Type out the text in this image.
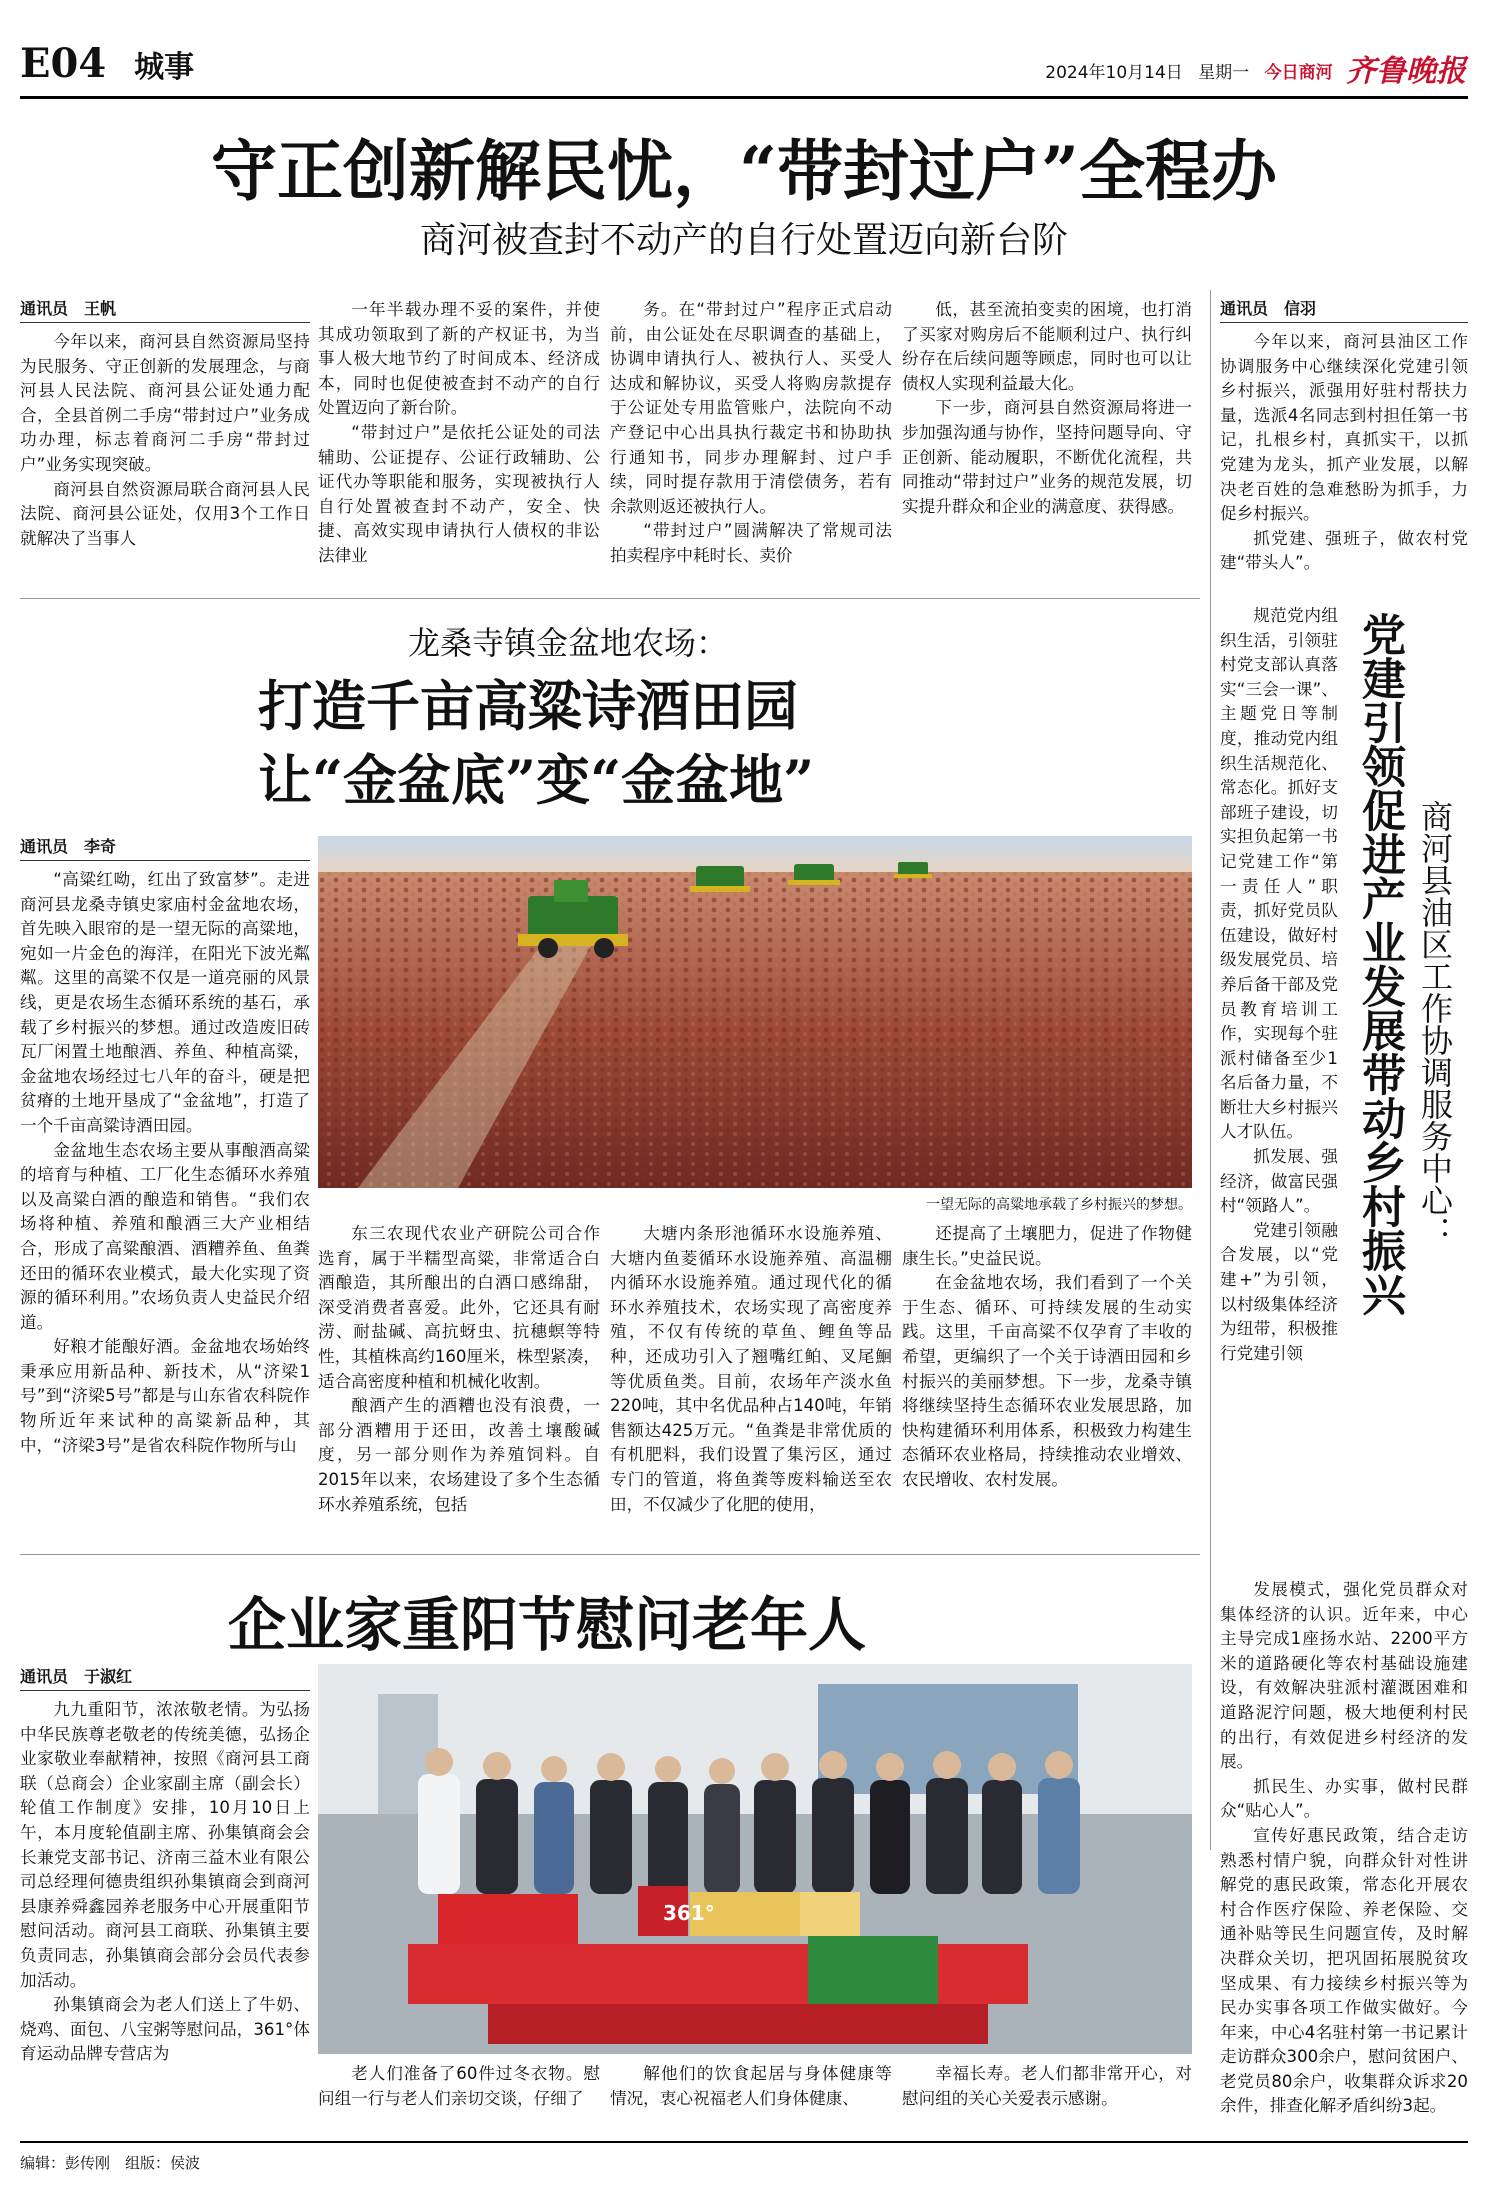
E04 城事	2024年10月14日 星期一 今日商河 齐鲁晚报
守正创新解民忧，“带封过户”全程办
商河被查封不动产的自行处置迈向新台阶
通讯员　王帆

今年以来，商河县自然资源局坚持为民服务、守正创新的发展理念，与商河县人民法院、商河县公证处通力配合，全县首例二手房“带封过户”业务成功办理，标志着商河二手房“带封过户”业务实现突破。

商河县自然资源局联合商河县人民法院、商河县公证处，仅用3个工作日就解决了当事人

一年半载办理不妥的案件，并使其成功领取到了新的产权证书，为当事人极大地节约了时间成本、经济成本，同时也促使被查封不动产的自行处置迈向了新台阶。

“带封过户”是依托公证处的司法辅助、公证提存、公证行政辅助、公证代办等职能和服务，实现被执行人自行处置被查封不动产，安全、快捷、高效实现申请执行人债权的非讼法律业

务。在“带封过户”程序正式启动前，由公证处在尽职调查的基础上，协调申请执行人、被执行人、买受人达成和解协议，买受人将购房款提存于公证处专用监管账户，法院向不动产登记中心出具执行裁定书和协助执行通知书，同步办理解封、过户手续，同时提存款用于清偿债务，若有余款则返还被执行人。

“带封过户”圆满解决了常规司法拍卖程序中耗时长、卖价

低，甚至流拍变卖的困境，也打消了买家对购房后不能顺利过户、执行纠纷存在后续问题等顾虑，同时也可以让债权人实现利益最大化。

下一步，商河县自然资源局将进一步加强沟通与协作，坚持问题导向、守正创新、能动履职，不断优化流程，共同推动“带封过户”业务的规范发展，切实提升群众和企业的满意度、获得感。

龙桑寺镇金盆地农场：
打造千亩高粱诗酒田园
让“金盆底”变“金盆地”
通讯员　李奇

“高粱红呦，红出了致富梦”。走进商河县龙桑寺镇史家庙村金盆地农场，首先映入眼帘的是一望无际的高粱地，宛如一片金色的海洋，在阳光下波光粼粼。这里的高粱不仅是一道亮丽的风景线，更是农场生态循环系统的基石，承载了乡村振兴的梦想。通过改造废旧砖瓦厂闲置土地酿酒、养鱼、种植高粱，金盆地农场经过七八年的奋斗，硬是把贫瘠的土地开垦成了“金盆地”，打造了一个千亩高粱诗酒田园。

金盆地生态农场主要从事酿酒高粱的培育与种植、工厂化生态循环水养殖以及高粱白酒的酿造和销售。“我们农场将种植、养殖和酿酒三大产业相结合，形成了高粱酿酒、酒糟养鱼、鱼粪还田的循环农业模式，最大化实现了资源的循环利用。”农场负责人史益民介绍道。

好粮才能酿好酒。金盆地农场始终秉承应用新品种、新技术，从“济梁1号”到“济梁5号”都是与山东省农科院作物所近年来试种的高粱新品种，其中，“济梁3号”是省农科院作物所与山

一望无际的高粱地承载了乡村振兴的梦想。

东三农现代农业产研院公司合作选育，属于半糯型高粱，非常适合白酒酿造，其所酿出的白酒口感绵甜，深受消费者喜爱。此外，它还具有耐涝、耐盐碱、高抗蚜虫、抗穗螟等特性，其植株高约160厘米，株型紧凑，适合高密度种植和机械化收割。

酿酒产生的酒糟也没有浪费，一部分酒糟用于还田，改善土壤酸碱度，另一部分则作为养殖饲料。自2015年以来，农场建设了多个生态循环水养殖系统，包括

大塘内条形池循环水设施养殖、大塘内鱼菱循环水设施养殖、高温棚内循环水设施养殖。通过现代化的循环水养殖技术，农场实现了高密度养殖，不仅有传统的草鱼、鲤鱼等品种，还成功引入了翘嘴红鲌、叉尾鮰等优质鱼类。目前，农场年产淡水鱼220吨，其中名优品种占140吨，年销售额达425万元。“鱼粪是非常优质的有机肥料，我们设置了集污区，通过专门的管道，将鱼粪等废料输送至农田，不仅减少了化肥的使用，

还提高了土壤肥力，促进了作物健康生长。”史益民说。

在金盆地农场，我们看到了一个关于生态、循环、可持续发展的生动实践。这里，千亩高粱不仅孕育了丰收的希望，更编织了一个关于诗酒田园和乡村振兴的美丽梦想。下一步，龙桑寺镇将继续坚持生态循环农业发展思路，加快构建循环利用体系，积极致力构建生态循环农业格局，持续推动农业增效、农民增收、农村发展。

企业家重阳节慰问老年人
通讯员　于淑红

九九重阳节，浓浓敬老情。为弘扬中华民族尊老敬老的传统美德，弘扬企业家敬业奉献精神，按照《商河县工商联（总商会）企业家副主席（副会长）轮值工作制度》安排，10月10日上午，本月度轮值副主席、孙集镇商会会长兼党支部书记、济南三益木业有限公司总经理何德贵组织孙集镇商会到商河县康养舜鑫园养老服务中心开展重阳节慰问活动。商河县工商联、孙集镇主要负责同志，孙集镇商会部分会员代表参加活动。

孙集镇商会为老人们送上了牛奶、烧鸡、面包、八宝粥等慰问品，361°体育运动品牌专营店为

361°

老人们准备了60件过冬衣物。慰问组一行与老人们亲切交谈，仔细了

解他们的饮食起居与身体健康等情况，衷心祝福老人们身体健康、

幸福长寿。老人们都非常开心，对慰问组的关心关爱表示感谢。

通讯员　信羽

今年以来，商河县油区工作协调服务中心继续深化党建引领乡村振兴，派强用好驻村帮扶力量，选派4名同志到村担任第一书记，扎根乡村，真抓实干，以抓党建为龙头，抓产业发展，以解决老百姓的急难愁盼为抓手，力促乡村振兴。

抓党建、强班子，做农村党建“带头人”。

规范党内组织生活，引领驻村党支部认真落实“三会一课”、主题党日等制度，推动党内组织生活规范化、常态化。抓好支部班子建设，切实担负起第一书记党建工作“第一责任人”职责，抓好党员队伍建设，做好村级发展党员、培养后备干部及党员教育培训工作，实现每个驻派村储备至少1名后备力量，不断壮大乡村振兴人才队伍。

抓发展、强经济，做富民强村“领路人”。

党建引领融合发展，以“党建+”为引领，以村级集体经济为纽带，积极推行党建引领

党建引领促进产业发展带动乡村振兴 商河县油区工作协调服务中心：

发展模式，强化党员群众对集体经济的认识。近年来，中心主导完成1座扬水站、2200平方米的道路硬化等农村基础设施建设，有效解决驻派村灌溉困难和道路泥泞问题，极大地便利村民的出行，有效促进乡村经济的发展。

抓民生、办实事，做村民群众“贴心人”。

宣传好惠民政策，结合走访熟悉村情户貌，向群众针对性讲解党的惠民政策，常态化开展农村合作医疗保险、养老保险、交通补贴等民生问题宣传，及时解决群众关切，把巩固拓展脱贫攻坚成果、有力接续乡村振兴等为民办实事各项工作做实做好。今年来，中心4名驻村第一书记累计走访群众300余户，慰问贫困户、老党员80余户，收集群众诉求20余件，排查化解矛盾纠纷3起。

编辑：彭传刚　组版：侯波
